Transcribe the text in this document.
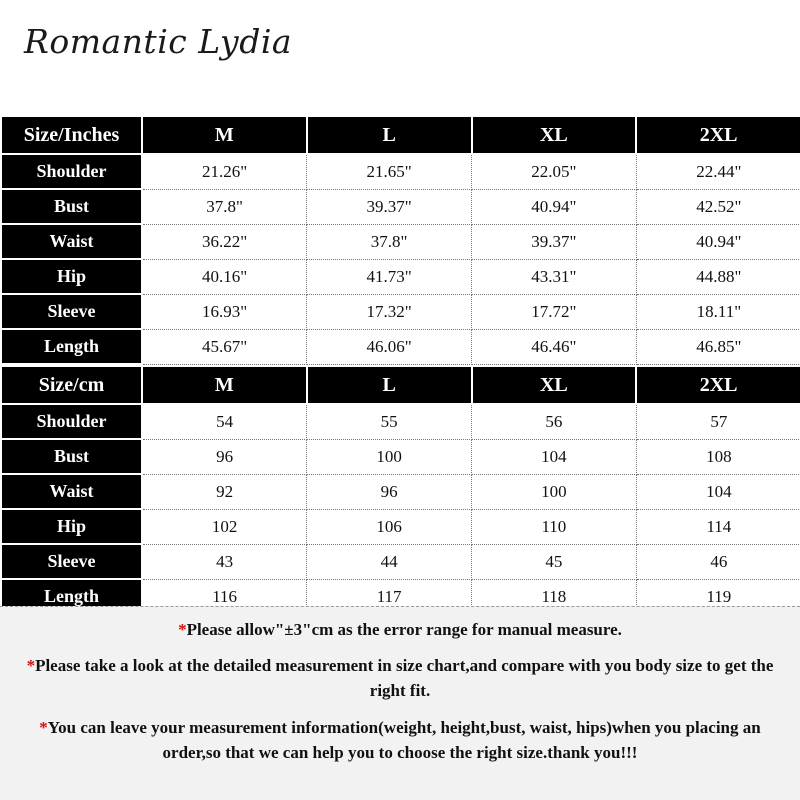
Romantic Lydia
Size/Inches	M	L	XL	2XL
Shoulder	21.26"	21.65"	22.05"	22.44"
Bust	37.8"	39.37"	40.94"	42.52"
Waist	36.22"	37.8"	39.37"	40.94"
Hip	40.16"	41.73"	43.31"	44.88"
Sleeve	16.93"	17.32"	17.72"	18.11"
Length	45.67"	46.06"	46.46"	46.85"
Size/cm	M	L	XL	2XL
Shoulder	54	55	56	57
Bust	96	100	104	108
Waist	92	96	100	104
Hip	102	106	110	114
Sleeve	43	44	45	46
Length	116	117	118	119
*Please allow"±3"cm as the error range for manual measure.
*Please take a look at the detailed measurement in size chart,and compare with you body size to get the right fit.
*You can leave your measurement information(weight, height,bust, waist, hips)when you placing an order,so that we can help you to choose the right size.thank you!!!
